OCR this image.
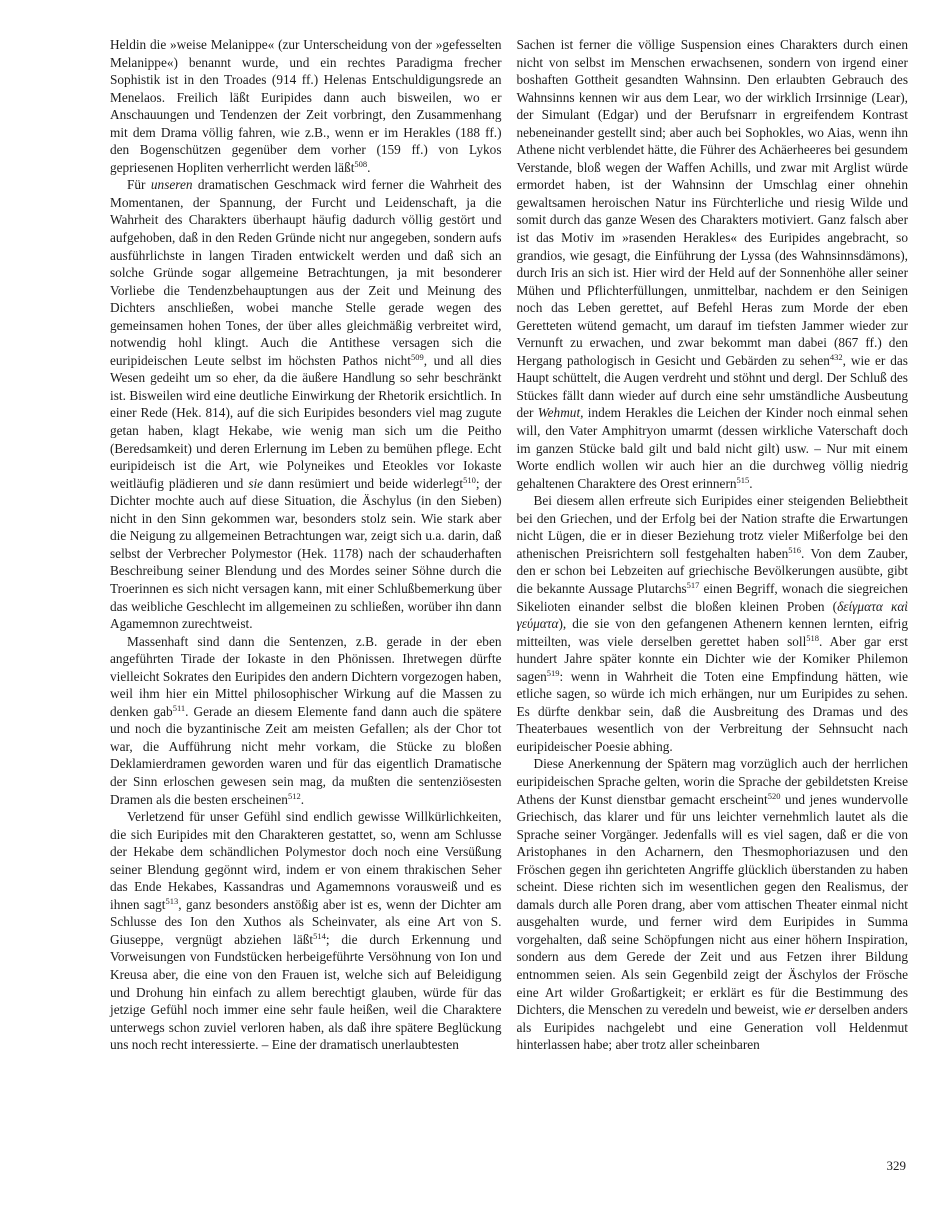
Heldin die »weise Melanippe« (zur Unterscheidung von der »gefesselten Melanippe«) benannt wurde, und ein rechtes Paradigma frecher Sophistik ist in den Troades (914 ff.) Helenas Entschuldigungsrede an Menelaos. Freilich läßt Euripides dann auch bisweilen, wo er Anschauungen und Tendenzen der Zeit vorbringt, den Zusammenhang mit dem Drama völlig fahren, wie z.B., wenn er im Herakles (188 ff.) den Bogenschützen gegenüber dem vorher (159 ff.) von Lykos gepriesenen Hopliten verherrlicht werden läßt$^{508}$.

Für unseren dramatischen Geschmack wird ferner die Wahrheit des Momentanen, der Spannung, der Furcht und Leidenschaft, ja die Wahrheit des Charakters überhaupt häufig dadurch völlig gestört und aufgehoben, daß in den Reden Gründe nicht nur angegeben, sondern aufs ausführlichste in langen Tiraden entwickelt werden und daß sich an solche Gründe sogar allgemeine Betrachtungen, ja mit besonderer Vorliebe die Tendenzbehauptungen aus der Zeit und Meinung des Dichters anschließen, wobei manche Stelle gerade wegen des gemeinsamen hohen Tones, der über alles gleichmäßig verbreitet wird, notwendig hohl klingt. Auch die Antithese versagen sich die euripideischen Leute selbst im höchsten Pathos nicht$^{509}$, und all dies Wesen gedeiht um so eher, da die äußere Handlung so sehr beschränkt ist. Bisweilen wird eine deutliche Einwirkung der Rhetorik ersichtlich. In einer Rede (Hek. 814), auf die sich Euripides besonders viel mag zugute getan haben, klagt Hekabe, wie wenig man sich um die Peitho (Beredsamkeit) und deren Erlernung im Leben zu bemühen pflege. Echt euripideisch ist die Art, wie Polyneikes und Eteokles vor Iokaste weitläufig plädieren und sie dann resümiert und beide widerlegt$^{510}$; der Dichter mochte auch auf diese Situation, die Äschylus (in den Sieben) nicht in den Sinn gekommen war, besonders stolz sein. Wie stark aber die Neigung zu allgemeinen Betrachtungen war, zeigt sich u.a. darin, daß selbst der Verbrecher Polymestor (Hek. 1178) nach der schauderhaften Beschreibung seiner Blendung und des Mordes seiner Söhne durch die Troerinnen es sich nicht versagen kann, mit einer Schlußbemerkung über das weibliche Geschlecht im allgemeinen zu schließen, worüber ihn dann Agamemnon zurechtweist.

Massenhaft sind dann die Sentenzen, z.B. gerade in der eben angeführten Tirade der Iokaste in den Phönissen. Ihretwegen dürfte vielleicht Sokrates den Euripides den andern Dichtern vorgezogen haben, weil ihm hier ein Mittel philosophischer Wirkung auf die Massen zu denken gab$^{511}$. Gerade an diesem Elemente fand dann auch die spätere und noch die byzantinische Zeit am meisten Gefallen; als der Chor tot war, die Aufführung nicht mehr vorkam, die Stücke zu bloßen Deklamierdramen geworden waren und für das eigentlich Dramatische der Sinn erloschen gewesen sein mag, da mußten die sentenziösesten Dramen als die besten erscheinen$^{512}$.

Verletzend für unser Gefühl sind endlich gewisse Willkürlichkeiten, die sich Euripides mit den Charakteren gestattet, so, wenn am Schlusse der Hekabe dem schändlichen Polymestor doch noch eine Versüßung seiner Blendung gegönnt wird, indem er von einem thrakischen Seher das Ende Hekabes, Kassandras und Agamemnons vorausweiß und es ihnen sagt$^{513}$, ganz besonders anstößig aber ist es, wenn der Dichter am Schlusse des Ion den Xuthos als Scheinvater, als eine Art von S. Giuseppe, vergnügt abziehen läßt$^{514}$; die durch Erkennung und Vorweisungen von Fundstücken herbeigeführte Versöhnung von Ion und Kreusa aber, die eine von den Frauen ist, welche sich auf Beleidigung und Drohung hin einfach zu allem berechtigt glauben, würde für das jetzige Gefühl noch immer eine sehr faule heißen, weil die Charaktere unterwegs schon zuviel verloren haben, als daß ihre spätere Beglückung uns noch recht interessierte. – Eine der dramatisch unerlaubtesten

Sachen ist ferner die völlige Suspension eines Charakters durch einen nicht von selbst im Menschen erwachsenen, sondern von irgend einer boshaften Gottheit gesandten Wahnsinn. Den erlaubten Gebrauch des Wahnsinns kennen wir aus dem Lear, wo der wirklich Irrsinnige (Lear), der Simulant (Edgar) und der Berufsnarr in ergreifendem Kontrast nebeneinander gestellt sind; aber auch bei Sophokles, wo Aias, wenn ihn Athene nicht verblendet hätte, die Führer des Achäerheeres bei gesundem Verstande, bloß wegen der Waffen Achills, und zwar mit Arglist würde ermordet haben, ist der Wahnsinn der Umschlag einer ohnehin gewaltsamen heroischen Natur ins Fürchterliche und riesig Wilde und somit durch das ganze Wesen des Charakters motiviert. Ganz falsch aber ist das Motiv im »rasenden Herakles« des Euripides angebracht, so grandios, wie gesagt, die Einführung der Lyssa (des Wahnsinnsdämons), durch Iris an sich ist. Hier wird der Held auf der Sonnenhöhe aller seiner Mühen und Pflichterfüllungen, unmittelbar, nachdem er den Seinigen noch das Leben gerettet, auf Befehl Heras zum Morde der eben Geretteten wütend gemacht, um darauf im tiefsten Jammer wieder zur Vernunft zu erwachen, und zwar bekommt man dabei (867 ff.) den Hergang pathologisch in Gesicht und Gebärden zu sehen$^{432}$, wie er das Haupt schüttelt, die Augen verdreht und stöhnt und dergl. Der Schluß des Stückes fällt dann wieder auf durch eine sehr umständliche Ausbeutung der Wehmut, indem Herakles die Leichen der Kinder noch einmal sehen will, den Vater Amphitryon umarmt (dessen wirkliche Vaterschaft doch im ganzen Stücke bald gilt und bald nicht gilt) usw. – Nur mit einem Worte endlich wollen wir auch hier an die durchweg völlig niedrig gehaltenen Charaktere des Orest erinnern$^{515}$.

Bei diesem allen erfreute sich Euripides einer steigenden Beliebtheit bei den Griechen, und der Erfolg bei der Nation strafte die Erwartungen nicht Lügen, die er in dieser Beziehung trotz vieler Mißerfolge bei den athenischen Preisrichtern soll festgehalten haben$^{516}$. Von dem Zauber, den er schon bei Lebzeiten auf griechische Bevölkerungen ausübte, gibt die bekannte Aussage Plutarchs$^{517}$ einen Begriff, wonach die siegreichen Sikelioten einander selbst die bloßen kleinen Proben (δείγματα καὶ γεύματα), die sie von den gefangenen Athenern kennen lernten, eifrig mitteilten, was viele derselben gerettet haben soll$^{518}$. Aber gar erst hundert Jahre später konnte ein Dichter wie der Komiker Philemon sagen$^{519}$: wenn in Wahrheit die Toten eine Empfindung hätten, wie etliche sagen, so würde ich mich erhängen, nur um Euripides zu sehen. Es dürfte denkbar sein, daß die Ausbreitung des Dramas und des Theaterbaues wesentlich von der Verbreitung der Sehnsucht nach euripideischer Poesie abhing.

Diese Anerkennung der Spätern mag vorzüglich auch der herrlichen euripideischen Sprache gelten, worin die Sprache der gebildetsten Kreise Athens der Kunst dienstbar gemacht erscheint$^{520}$ und jenes wundervolle Griechisch, das klarer und für uns leichter vernehmlich lautet als die Sprache seiner Vorgänger. Jedenfalls will es viel sagen, daß er die von Aristophanes in den Acharnern, den Thesmophoriazusen und den Fröschen gegen ihn gerichteten Angriffe glücklich überstanden zu haben scheint. Diese richten sich im wesentlichen gegen den Realismus, der damals durch alle Poren drang, aber vom attischen Theater einmal nicht ausgehalten wurde, und ferner wird dem Euripides in Summa vorgehalten, daß seine Schöpfungen nicht aus einer höhern Inspiration, sondern aus dem Gerede der Zeit und aus Fetzen ihrer Bildung entnommen seien. Als sein Gegenbild zeigt der Äschylos der Frösche eine Art wilder Großartigkeit; er erklärt es für die Bestimmung des Dichters, die Menschen zu veredeln und beweist, wie er derselben anders als Euripides nachgelebt und eine Generation voll Heldenmut hinterlassen habe; aber trotz aller scheinbaren

329
